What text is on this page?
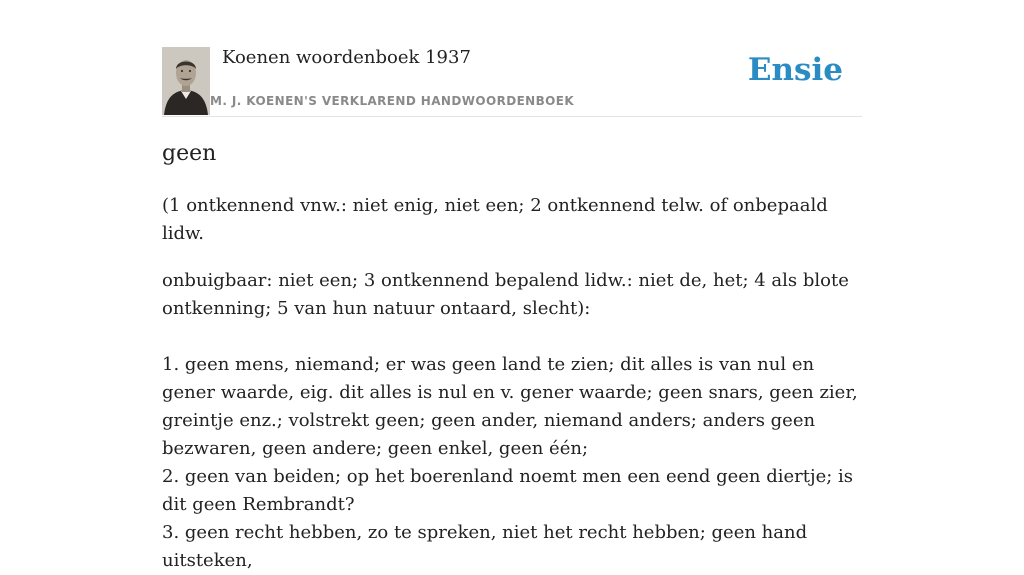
Koenen woordenboek 1937
M. J. KOENEN'S VERKLAREND HANDWOORDENBOEK
Ensie
geen

(1 ontkennend vnw.: niet enig, niet een; 2 ontkennend telw. of onbepaald lidw.

onbuigbaar: niet een; 3 ontkennend bepalend lidw.: niet de, het; 4 als blote ontkenning; 5 van hun natuur ontaard, slecht):

1. geen mens, niemand; er was geen land te zien; dit alles is van nul en gener waarde, eig. dit alles is nul en v. gener waarde; geen snars, geen zier, greintje enz.; volstrekt geen; geen ander, niemand anders; anders geen bezwaren, geen andere; geen enkel, geen één;

2. geen van beiden; op het boerenland noemt men een eend geen diertje; is dit geen Rembrandt?

3. geen recht hebben, zo te spreken, niet het recht hebben; geen hand uitsteken,
